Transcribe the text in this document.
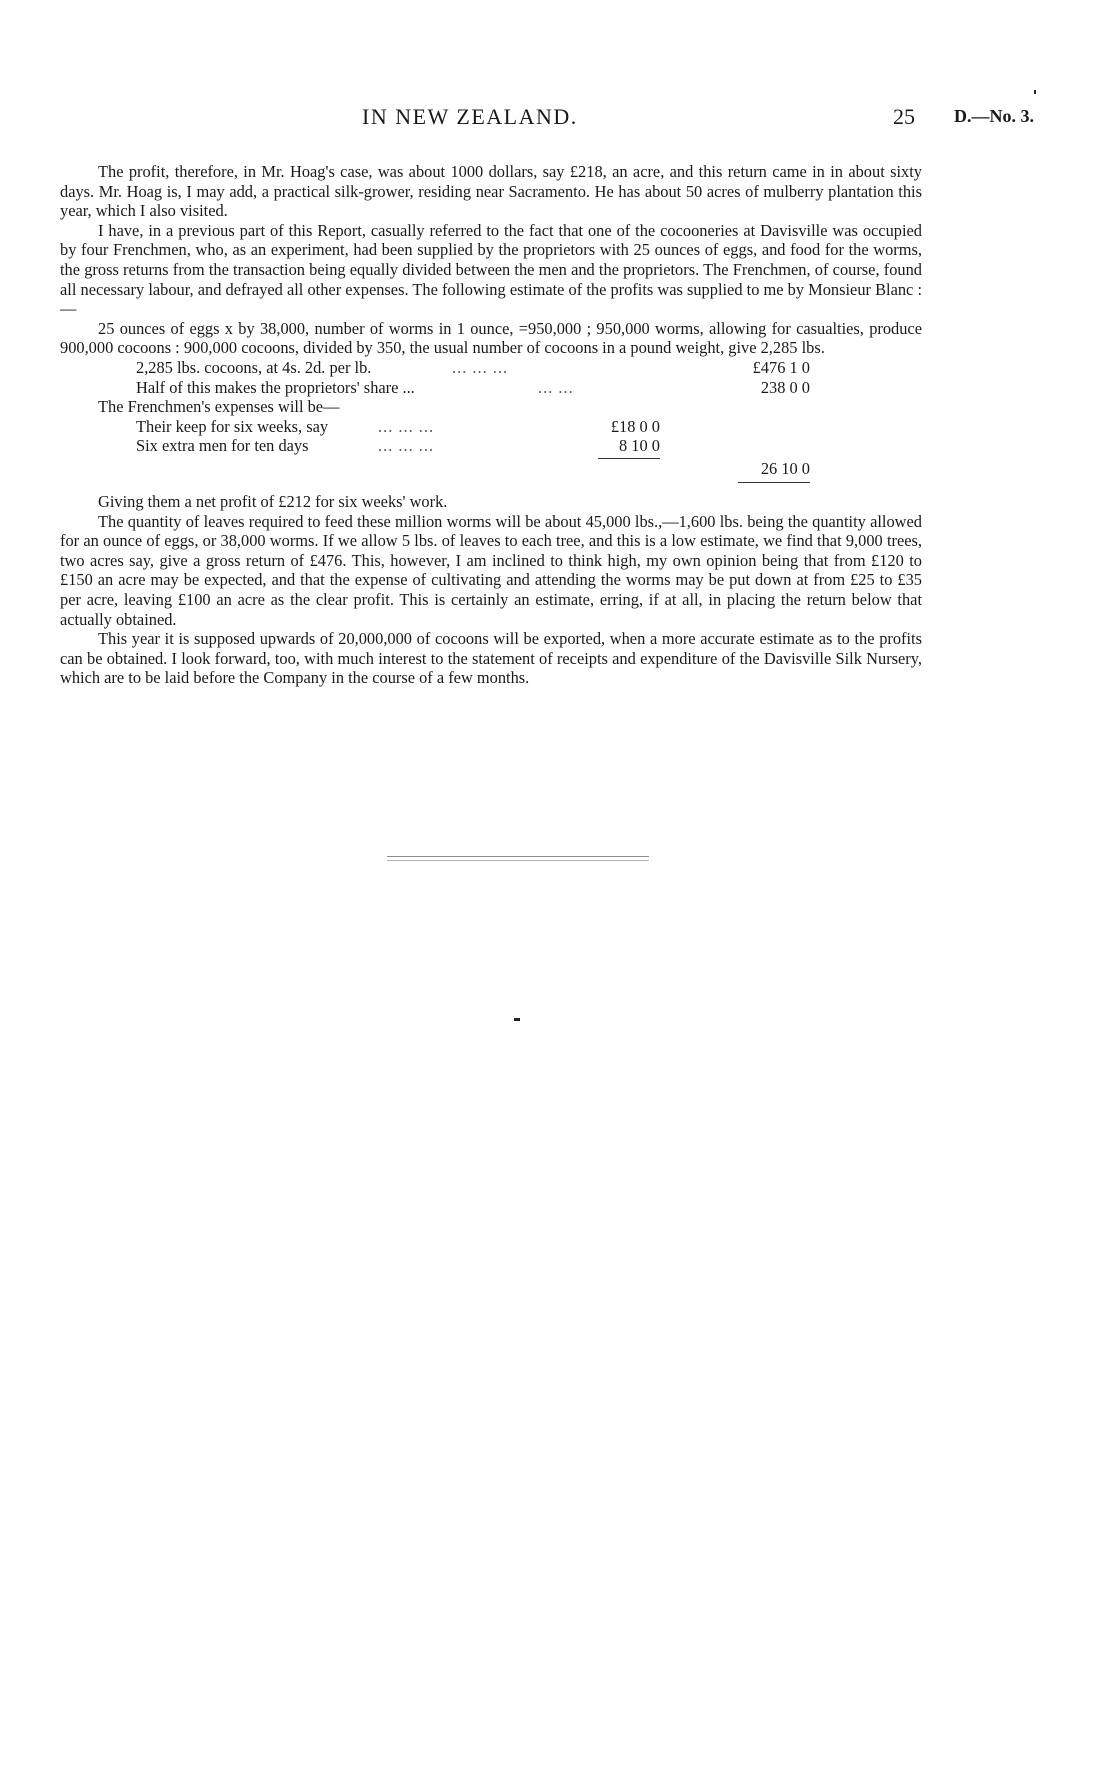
IN NEW ZEALAND.	25 D.—No. 3.

The profit, therefore, in Mr. Hoag's case, was about 1000 dollars, say £218, an acre, and this return came in in about sixty days. Mr. Hoag is, I may add, a practical silk-grower, residing near Sacramento. He has about 50 acres of mulberry plantation this year, which I also visited.

I have, in a previous part of this Report, casually referred to the fact that one of the cocooneries at Davisville was occupied by four Frenchmen, who, as an experiment, had been supplied by the proprietors with 25 ounces of eggs, and food for the worms, the gross returns from the transaction being equally divided between the men and the proprietors. The Frenchmen, of course, found all necessary labour, and defrayed all other expenses. The following estimate of the profits was supplied to me by Monsieur Blanc :—

25 ounces of eggs x by 38,000, number of worms in 1 ounce, =950,000 ; 950,000 worms, allowing for casualties, produce 900,000 cocoons : 900,000 cocoons, divided by 350, the usual number of cocoons in a pound weight, give 2,285 lbs.

2,285 lbs. cocoons, at 4s. 2d. per lb.	... ... ...	£476 1 0
Half of this makes the proprietors' share ...	... ...	238 0 0
The Frenchmen's expenses will be—
Their keep for six weeks, say	... ... ...	£18 0 0
Six extra men for ten days	... ... ...	8 10 0
26 10 0

Giving them a net profit of £212 for six weeks' work.

The quantity of leaves required to feed these million worms will be about 45,000 lbs.,—1,600 lbs. being the quantity allowed for an ounce of eggs, or 38,000 worms. If we allow 5 lbs. of leaves to each tree, and this is a low estimate, we find that 9,000 trees, two acres say, give a gross return of £476. This, however, I am inclined to think high, my own opinion being that from £120 to £150 an acre may be expected, and that the expense of cultivating and attending the worms may be put down at from £25 to £35 per acre, leaving £100 an acre as the clear profit. This is certainly an estimate, erring, if at all, in placing the return below that actually obtained.

This year it is supposed upwards of 20,000,000 of cocoons will be exported, when a more accurate estimate as to the profits can be obtained. I look forward, too, with much interest to the statement of receipts and expenditure of the Davisville Silk Nursery, which are to be laid before the Company in the course of a few months.
